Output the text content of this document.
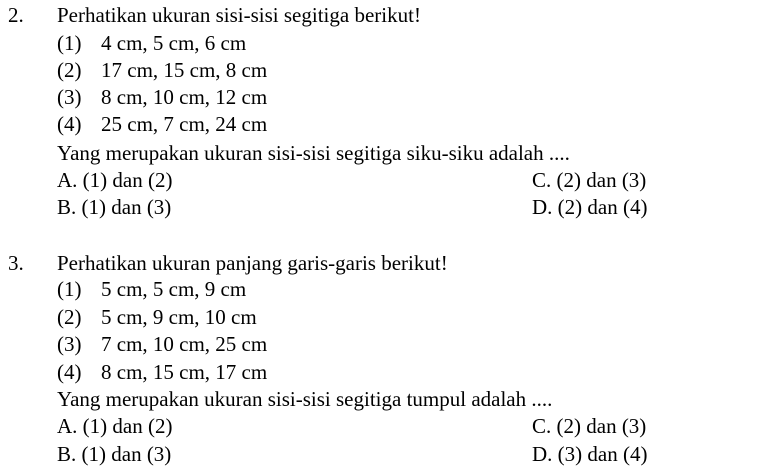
2. Perhatikan ukuran sisi-sisi segitiga berikut!
(1) 4 cm, 5 cm, 6 cm
(2) 17 cm, 15 cm, 8 cm
(3) 8 cm, 10 cm, 12 cm
(4) 25 cm, 7 cm, 24 cm
Yang merupakan ukuran sisi-sisi segitiga siku-siku adalah ....
A. (1) dan (2)	C. (2) dan (3)
B. (1) dan (3)	D. (2) dan (4)
3. Perhatikan ukuran panjang garis-garis berikut!
(1) 5 cm, 5 cm, 9 cm
(2) 5 cm, 9 cm, 10 cm
(3) 7 cm, 10 cm, 25 cm
(4) 8 cm, 15 cm, 17 cm
Yang merupakan ukuran sisi-sisi segitiga tumpul adalah ....
A. (1) dan (2)	C. (2) dan (3)
B. (1) dan (3)	D. (3) dan (4)
